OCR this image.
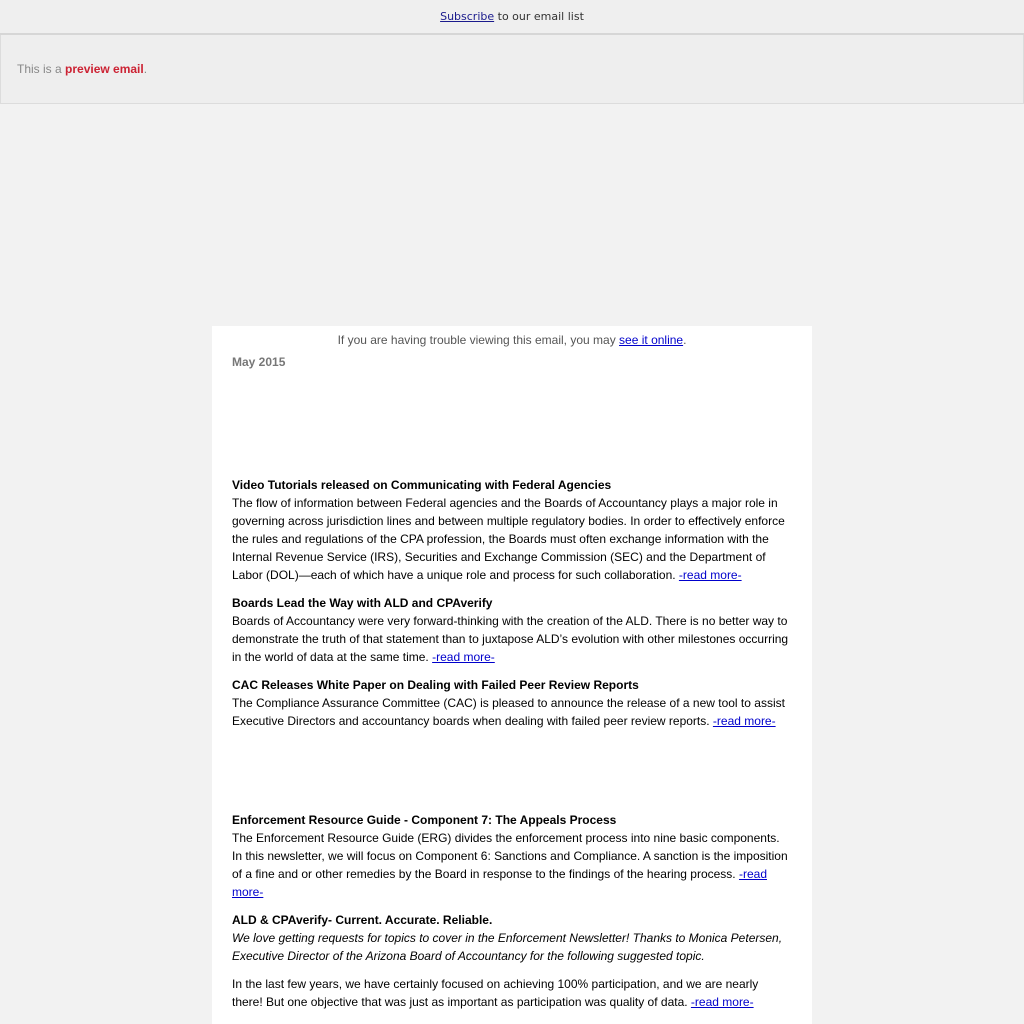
Subscribe to our email list
This is a preview email.
If you are having trouble viewing this email, you may see it online.
May 2015
Video Tutorials released on Communicating with Federal Agencies

The flow of information between Federal agencies and the Boards of Accountancy plays a major role in governing across jurisdiction lines and between multiple regulatory bodies. In order to effectively enforce the rules and regulations of the CPA profession, the Boards must often exchange information with the Internal Revenue Service (IRS), Securities and Exchange Commission (SEC) and the Department of Labor (DOL)—each of which have a unique role and process for such collaboration. -read more-

Boards Lead the Way with ALD and CPAverify

Boards of Accountancy were very forward-thinking with the creation of the ALD. There is no better way to demonstrate the truth of that statement than to juxtapose ALD’s evolution with other milestones occurring in the world of data at the same time. -read more-

CAC Releases White Paper on Dealing with Failed Peer Review Reports

The Compliance Assurance Committee (CAC) is pleased to announce the release of a new tool to assist Executive Directors and accountancy boards when dealing with failed peer review reports. -read more-

Enforcement Resource Guide - Component 7: The Appeals Process

The Enforcement Resource Guide (ERG) divides the enforcement process into nine basic components. In this newsletter, we will focus on Component 6: Sanctions and Compliance. A sanction is the imposition of a fine and or other remedies by the Board in response to the findings of the hearing process. -read more-

ALD & CPAverify- Current. Accurate. Reliable.

We love getting requests for topics to cover in the Enforcement Newsletter! Thanks to Monica Petersen, Executive Director of the Arizona Board of Accountancy for the following suggested topic.

In the last few years, we have certainly focused on achieving 100% participation, and we are nearly there! But one objective that was just as important as participation was quality of data. -read more-
